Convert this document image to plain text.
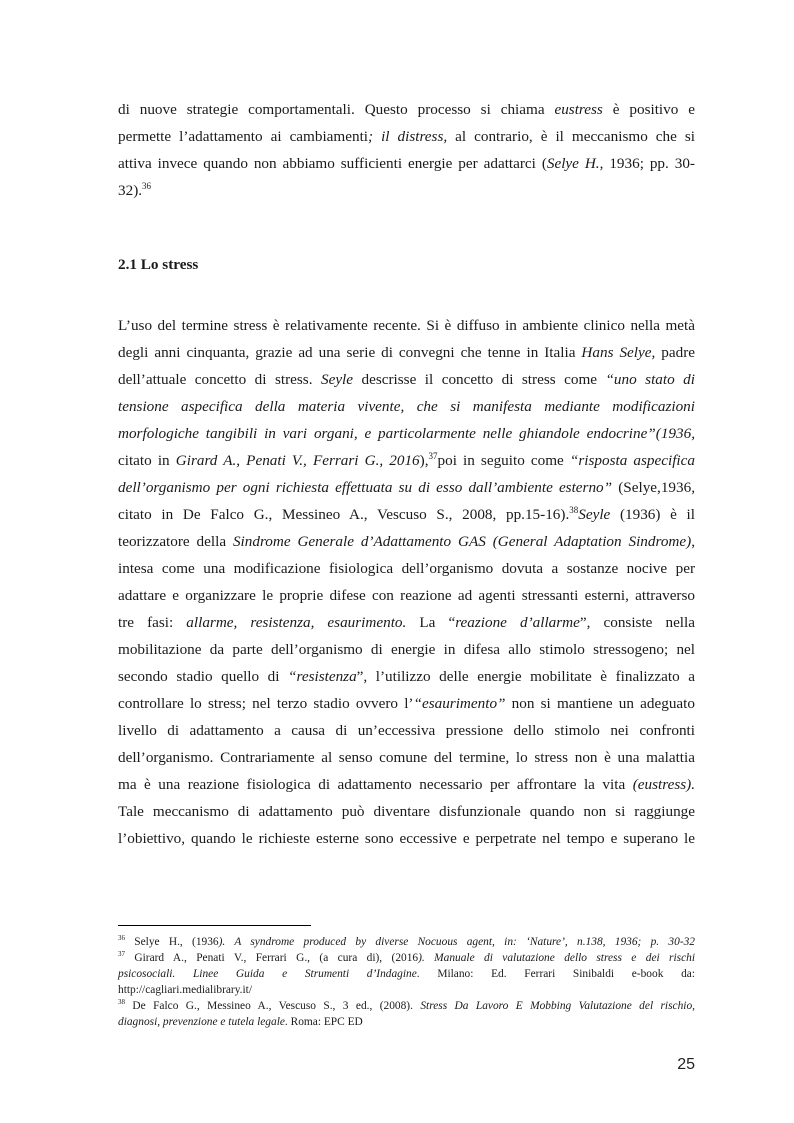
di nuove strategie comportamentali. Questo processo si chiama eustress è positivo e
permette l’adattamento ai cambiamenti; il distress, al contrario, è il meccanismo che si
attiva invece quando non abbiamo sufficienti energie per adattarci (Selye H., 1936; pp. 30-
32).$^{36}$
2.1 Lo stress
L’uso del termine stress è relativamente recente. Si è diffuso in ambiente clinico nella metà
degli anni cinquanta, grazie ad una serie di convegni che tenne in Italia Hans Selye, padre
dell’attuale concetto di stress. Seyle descrisse il concetto di stress come “uno stato di
tensione aspecifica della materia vivente, che si manifesta mediante modificazioni
morfologiche tangibili in vari organi, e particolarmente nelle ghiandole endocrine”(1936,
citato in Girard A., Penati V., Ferrari G., 2016),$^{37}$poi in seguito come “risposta aspecifica
dell’organismo per ogni richiesta effettuata su di esso dall’ambiente esterno” (Selye,1936,
citato in De Falco G., Messineo A., Vescuso S., 2008, pp.15-16).$^{38}$Seyle (1936) è il
teorizzatore della Sindrome Generale d’Adattamento GAS (General Adaptation Sindrome),
intesa come una modificazione fisiologica dell’organismo dovuta a sostanze nocive per
adattare e organizzare le proprie difese con reazione ad agenti stressanti esterni, attraverso
tre fasi: allarme, resistenza, esaurimento. La “reazione d’allarme”, consiste nella
mobilitazione da parte dell’organismo di energie in difesa allo stimolo stressogeno; nel
secondo stadio quello di “resistenza”, l’utilizzo delle energie mobilitate è finalizzato a
controllare lo stress; nel terzo stadio ovvero l’“esaurimento” non si mantiene un adeguato
livello di adattamento a causa di un’eccessiva pressione dello stimolo nei confronti
dell’organismo. Contrariamente al senso comune del termine, lo stress non è una malattia
ma è una reazione fisiologica di adattamento necessario per affrontare la vita (eustress).
Tale meccanismo di adattamento può diventare disfunzionale quando non si raggiunge
l’obiettivo, quando le richieste esterne sono eccessive e perpetrate nel tempo e superano le
$^{36}$ Selye H., (1936). A syndrome produced by diverse Nocuous agent, in: ‘Nature’, n.138, 1936; p. 30-32
$^{37}$ Girard A., Penati V., Ferrari G., (a cura di), (2016). Manuale di valutazione dello stress e dei rischi
psicosociali. Linee Guida e Strumenti d’Indagine. Milano: Ed. Ferrari Sinibaldi e-book da:
http://cagliari.medialibrary.it/
$^{38}$ De Falco G., Messineo A., Vescuso S., 3 ed., (2008). Stress Da Lavoro E Mobbing Valutazione del rischio,
diagnosi, prevenzione e tutela legale. Roma: EPC ED
25
